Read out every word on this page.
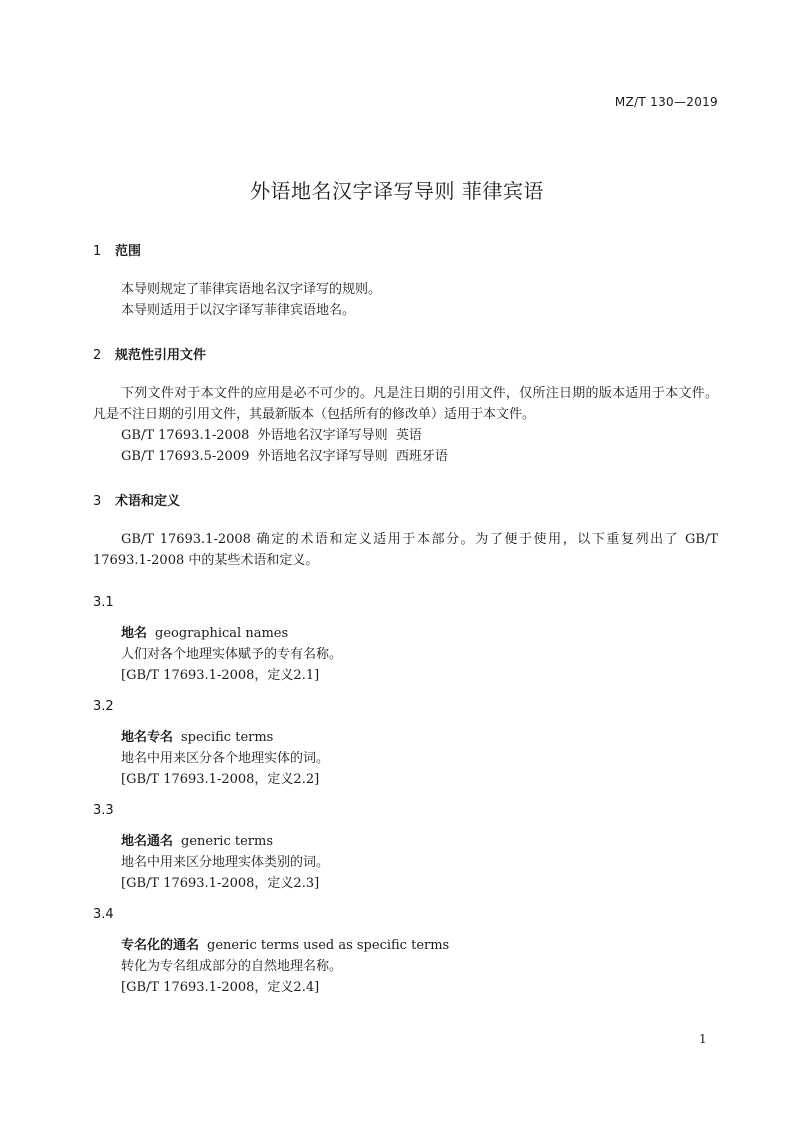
MZ/T 130—2019
外语地名汉字译写导则 菲律宾语
1 范围
本导则规定了菲律宾语地名汉字译写的规则。
本导则适用于以汉字译写菲律宾语地名。
2 规范性引用文件
下列文件对于本文件的应用是必不可少的。凡是注日期的引用文件，仅所注日期的版本适用于本文件。凡是不注日期的引用文件，其最新版本（包括所有的修改单）适用于本文件。
GB/T 17693.1-2008  外语地名汉字译写导则  英语
GB/T 17693.5-2009  外语地名汉字译写导则  西班牙语
3 术语和定义
GB/T 17693.1-2008 确定的术语和定义适用于本部分。为了便于使用，以下重复列出了 GB/T 17693.1-2008 中的某些术语和定义。
3.1
地名 geographical names
人们对各个地理实体赋予的专有名称。
[GB/T 17693.1-2008，定义2.1]
3.2
地名专名 specific terms
地名中用来区分各个地理实体的词。
[GB/T 17693.1-2008，定义2.2]
3.3
地名通名 generic terms
地名中用来区分地理实体类别的词。
[GB/T 17693.1-2008，定义2.3]
3.4
专名化的通名 generic terms used as specific terms
转化为专名组成部分的自然地理名称。
[GB/T 17693.1-2008，定义2.4]
1
